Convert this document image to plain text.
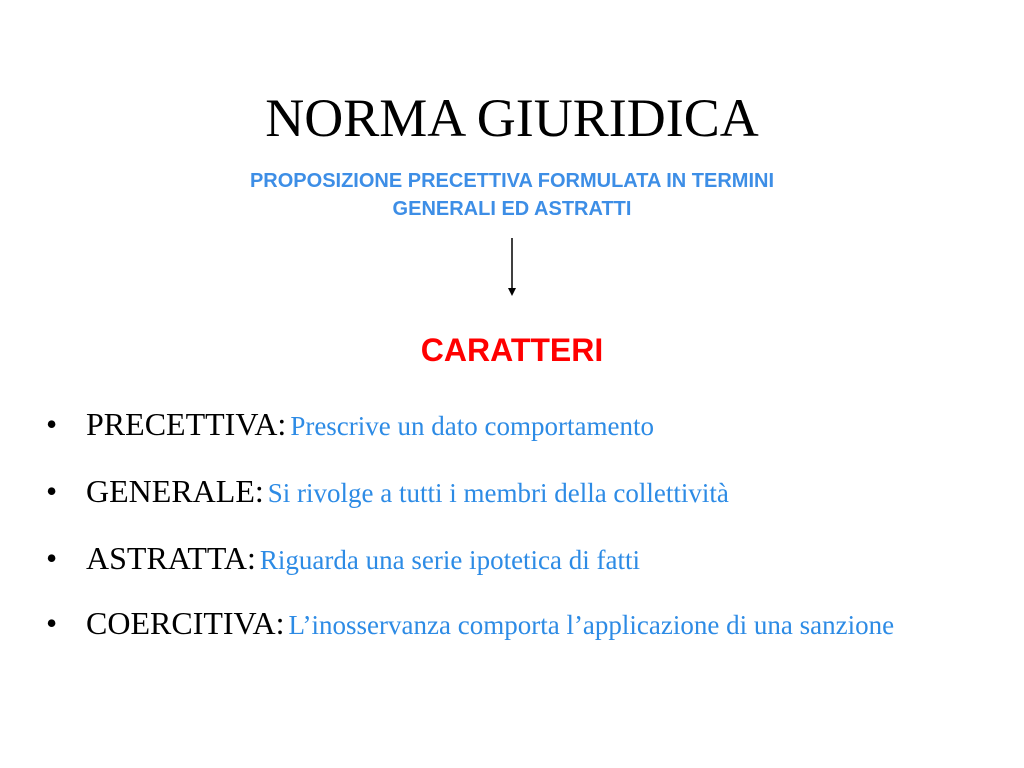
NORMA GIURIDICA
PROPOSIZIONE PRECETTIVA FORMULATA IN TERMINI
GENERALI ED ASTRATTI
CARATTERI
• PRECETTIVA: Prescrive un dato comportamento
• GENERALE: Si rivolge a tutti i membri della collettività
• ASTRATTA: Riguarda una serie ipotetica di fatti
• COERCITIVA: L’inosservanza comporta l’applicazione di una sanzione
